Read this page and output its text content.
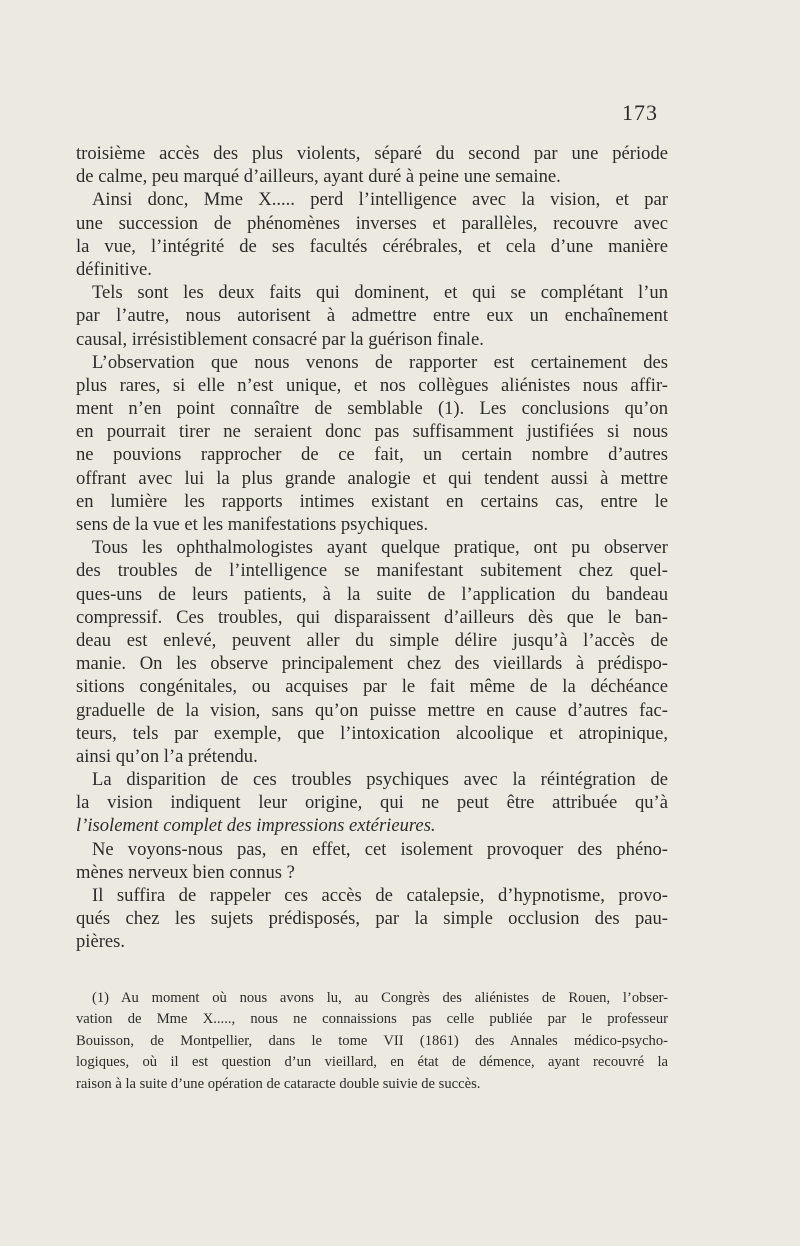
173
troisième accès des plus violents, séparé du second par une période
de calme, peu marqué d’ailleurs, ayant duré à peine une semaine.
Ainsi donc, Mme X..... perd l’intelligence avec la vision, et par
une succession de phénomènes inverses et parallèles, recouvre avec
la vue, l’intégrité de ses facultés cérébrales, et cela d’une manière
définitive.
Tels sont les deux faits qui dominent, et qui se complétant l’un
par l’autre, nous autorisent à admettre entre eux un enchaînement
causal, irrésistiblement consacré par la guérison finale.
L’observation que nous venons de rapporter est certainement des
plus rares, si elle n’est unique, et nos collègues aliénistes nous affir-
ment n’en point connaître de semblable (1). Les conclusions qu’on
en pourrait tirer ne seraient donc pas suffisamment justifiées si nous
ne pouvions rapprocher de ce fait, un certain nombre d’autres
offrant avec lui la plus grande analogie et qui tendent aussi à mettre
en lumière les rapports intimes existant en certains cas, entre le
sens de la vue et les manifestations psychiques.
Tous les ophthalmologistes ayant quelque pratique, ont pu observer
des troubles de l’intelligence se manifestant subitement chez quel-
ques-uns de leurs patients, à la suite de l’application du bandeau
compressif. Ces troubles, qui disparaissent d’ailleurs dès que le ban-
deau est enlevé, peuvent aller du simple délire jusqu’à l’accès de
manie. On les observe principalement chez des vieillards à prédispo-
sitions congénitales, ou acquises par le fait même de la déchéance
graduelle de la vision, sans qu’on puisse mettre en cause d’autres fac-
teurs, tels par exemple, que l’intoxication alcoolique et atropinique,
ainsi qu’on l’a prétendu.
La disparition de ces troubles psychiques avec la réintégration de
la vision indiquent leur origine, qui ne peut être attribuée qu’à
l’isolement complet des impressions extérieures.
Ne voyons-nous pas, en effet, cet isolement provoquer des phéno-
mènes nerveux bien connus ?
Il suffira de rappeler ces accès de catalepsie, d’hypnotisme, provo-
qués chez les sujets prédisposés, par la simple occlusion des pau-
pières.
(1) Au moment où nous avons lu, au Congrès des aliénistes de Rouen, l’obser-
vation de Mme X....., nous ne connaissions pas celle publiée par le professeur
Bouisson, de Montpellier, dans le tome VII (1861) des Annales médico-psycho-
logiques, où il est question d’un vieillard, en état de démence, ayant recouvré la
raison à la suite d’une opération de cataracte double suivie de succès.
